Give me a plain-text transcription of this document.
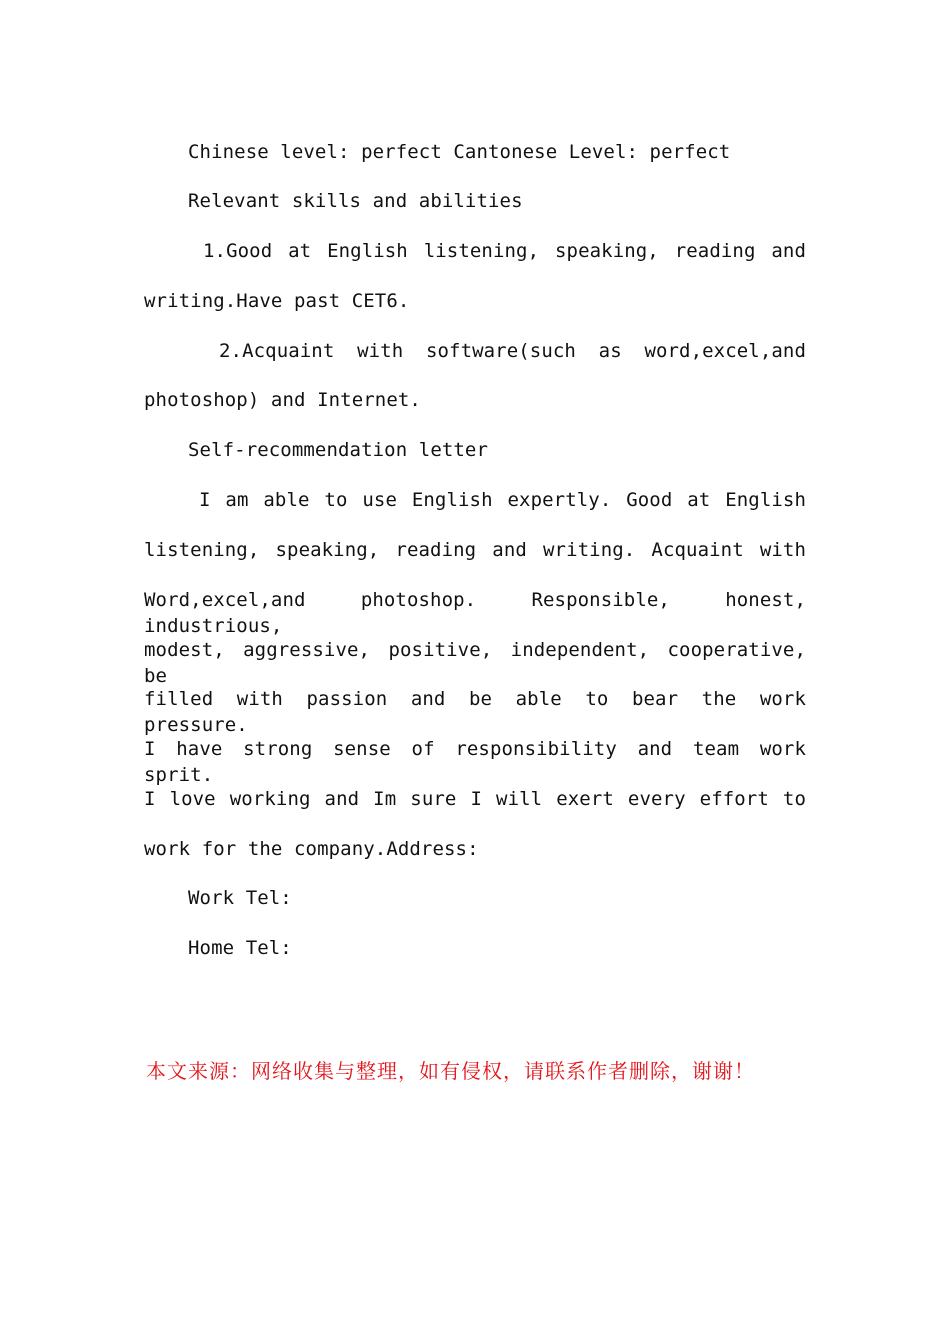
Chinese level: perfect Cantonese Level: perfect
Relevant skills and abilities
1.Good at English listening, speaking, reading and
writing.Have past CET6.
2.Acquaint with software(such as word,excel,and
photoshop) and Internet.
Self-recommendation letter
I am able to use English expertly. Good at English
listening, speaking, reading and writing. Acquaint with
Word,excel,and photoshop. Responsible, honest, industrious,
modest, aggressive, positive, independent, cooperative, be
filled with passion and be able to bear the work pressure.
I have strong sense of responsibility and team work sprit.
I love working and Im sure I will exert every effort to
work for the company.Address:
Work Tel:
Home Tel:
本文来源：网络收集与整理，如有侵权，请联系作者删除，谢谢！
